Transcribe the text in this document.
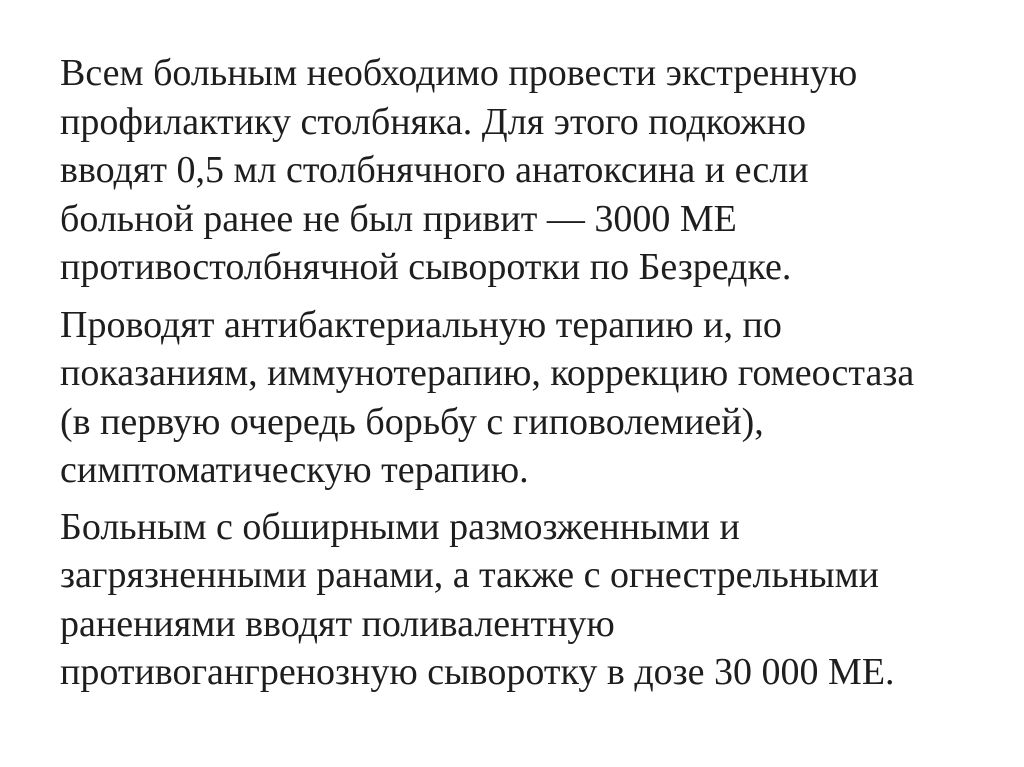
Всем больным необходимо провести экстренную
профилактику столбняка. Для этого подкожно
вводят 0,5 мл столбнячного анатоксина и если
больной ранее не был привит — 3000 МЕ
противостолбнячной сыворотки по Безредке.

Проводят антибактериальную терапию и, по
показаниям, иммунотерапию, коррекцию гомеостаза
(в первую очередь борьбу с гиповолемией),
симптоматическую терапию.

Больным с обширными размозженными и
загрязненными ранами, а также с огнестрельными
ранениями вводят поливалентную
противогангренозную сыворотку в дозе 30 000 МЕ.
